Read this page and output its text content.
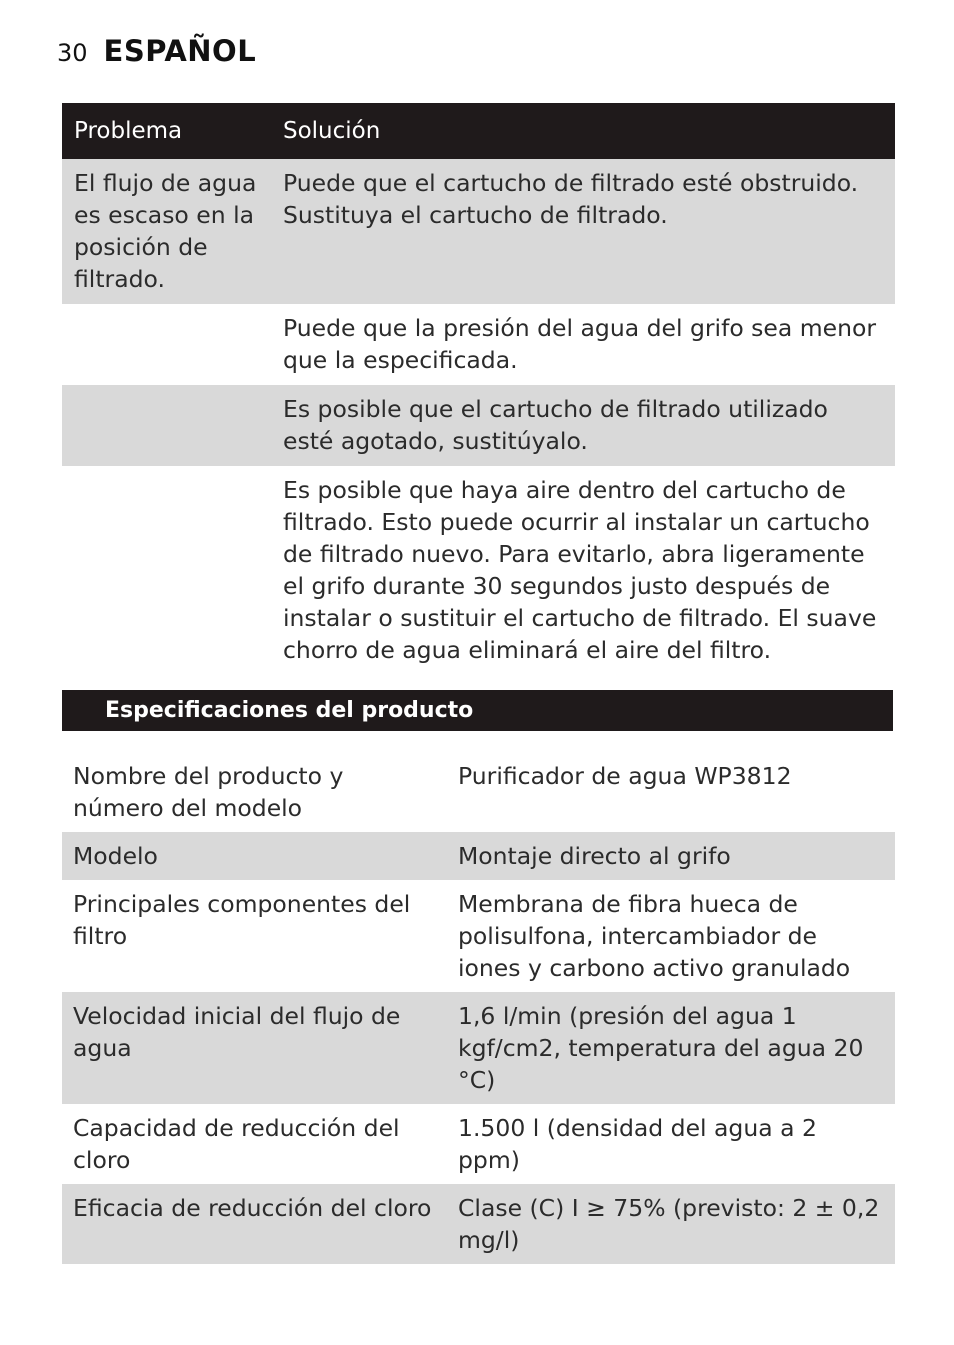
30 ESPAÑOL
Problema	Solución
El flujo de agua es escaso en la posición de filtrado.	Puede que el cartucho de filtrado esté obstruido. Sustituya el cartucho de filtrado.
	Puede que la presión del agua del grifo sea menor que la especificada.
	Es posible que el cartucho de filtrado utilizado esté agotado, sustitúyalo.
	Es posible que haya aire dentro del cartucho de filtrado. Esto puede ocurrir al instalar un cartucho de filtrado nuevo. Para evitarlo, abra ligeramente el grifo durante 30 segundos justo después de instalar o sustituir el cartucho de filtrado. El suave chorro de agua eliminará el aire del filtro.
Especificaciones del producto
Nombre del producto y número del modelo	Purificador de agua WP3812
Modelo	Montaje directo al grifo
Principales componentes del filtro	Membrana de fibra hueca de polisulfona, intercambiador de iones y carbono activo granulado
Velocidad inicial del flujo de agua	1,6 l/min (presión del agua 1 kgf/cm2, temperatura del agua 20 °C)
Capacidad de reducción del cloro	1.500 l (densidad del agua a 2 ppm)
Eficacia de reducción del cloro	Clase (C) I ≥ 75% (previsto: 2 ± 0,2 mg/l)
